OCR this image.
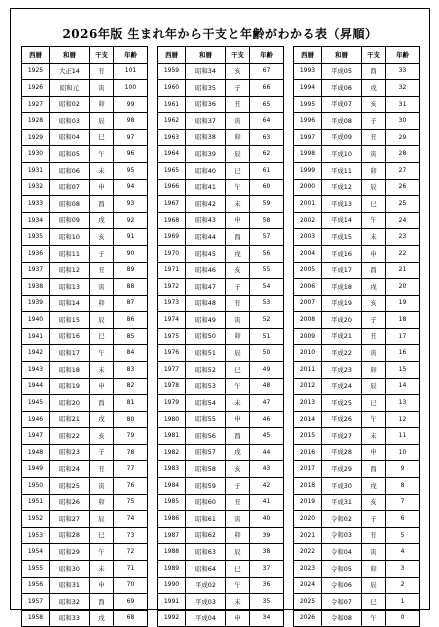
2026年版 生まれ年から干支と年齢がわかる表（昇順）
西暦	和暦	干支	年齢
1925	大正14	丑	101
1926	昭和元	寅	100
1927	昭和02	卯	99
1928	昭和03	辰	98
1929	昭和04	巳	97
1930	昭和05	午	96
1931	昭和06	未	95
1932	昭和07	申	94
1933	昭和08	酉	93
1934	昭和09	戌	92
1935	昭和10	亥	91
1936	昭和11	子	90
1937	昭和12	丑	89
1938	昭和13	寅	88
1939	昭和14	卯	87
1940	昭和15	辰	86
1941	昭和16	巳	85
1942	昭和17	午	84
1943	昭和18	未	83
1944	昭和19	申	82
1945	昭和20	酉	81
1946	昭和21	戌	80
1947	昭和22	亥	79
1948	昭和23	子	78
1949	昭和24	丑	77
1950	昭和25	寅	76
1951	昭和26	卯	75
1952	昭和27	辰	74
1953	昭和28	巳	73
1954	昭和29	午	72
1955	昭和30	未	71
1956	昭和31	申	70
1957	昭和32	酉	69
1958	昭和33	戌	68
西暦	和暦	干支	年齢
1959	昭和34	亥	67
1960	昭和35	子	66
1961	昭和36	丑	65
1962	昭和37	寅	64
1963	昭和38	卯	63
1964	昭和39	辰	62
1965	昭和40	巳	61
1966	昭和41	午	60
1967	昭和42	未	59
1968	昭和43	申	58
1969	昭和44	酉	57
1970	昭和45	戌	56
1971	昭和46	亥	55
1972	昭和47	子	54
1973	昭和48	丑	53
1974	昭和49	寅	52
1975	昭和50	卯	51
1976	昭和51	辰	50
1977	昭和52	巳	49
1978	昭和53	午	48
1979	昭和54	未	47
1980	昭和55	申	46
1981	昭和56	酉	45
1982	昭和57	戌	44
1983	昭和58	亥	43
1984	昭和59	子	42
1985	昭和60	丑	41
1986	昭和61	寅	40
1987	昭和62	卯	39
1988	昭和63	辰	38
1989	昭和64	巳	37
1990	平成02	午	36
1991	平成03	未	35
1992	平成04	申	34
西暦	和暦	干支	年齢
1993	平成05	酉	33
1994	平成06	戌	32
1995	平成07	亥	31
1996	平成08	子	30
1997	平成09	丑	29
1998	平成10	寅	28
1999	平成11	卯	27
2000	平成12	辰	26
2001	平成13	巳	25
2002	平成14	午	24
2003	平成15	未	23
2004	平成16	申	22
2005	平成17	酉	21
2006	平成18	戌	20
2007	平成19	亥	19
2008	平成20	子	18
2009	平成21	丑	17
2010	平成22	寅	16
2011	平成23	卯	15
2012	平成24	辰	14
2013	平成25	巳	13
2014	平成26	午	12
2015	平成27	未	11
2016	平成28	申	10
2017	平成29	酉	9
2018	平成30	戌	8
2019	平成31	亥	7
2020	令和02	子	6
2021	令和03	丑	5
2022	令和04	寅	4
2023	令和05	卯	3
2024	令和06	辰	2
2025	令和07	巳	1
2026	令和08	午	0
